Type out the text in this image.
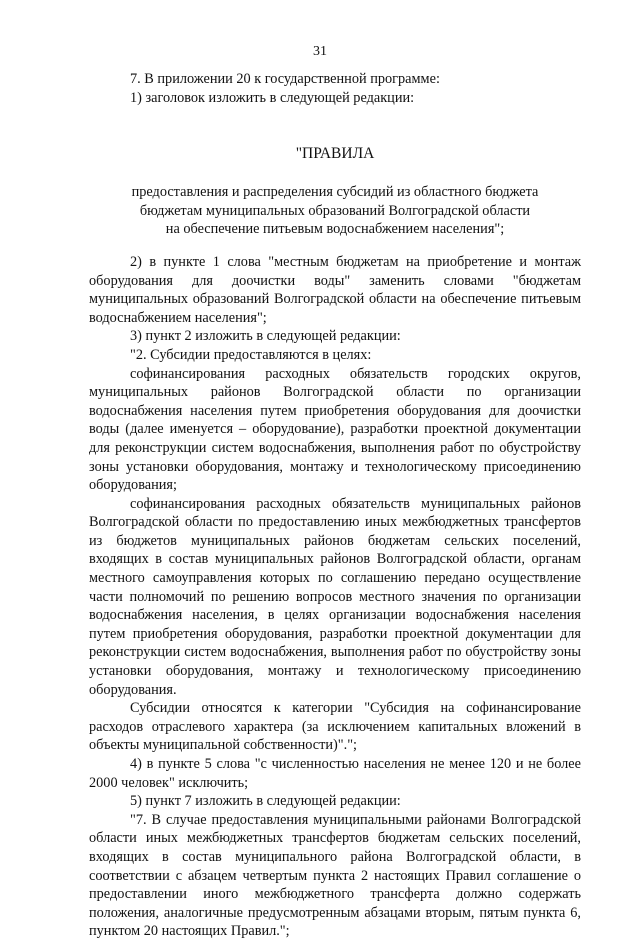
31

7. В приложении 20 к государственной программе:

1) заголовок изложить в следующей редакции:

"ПРАВИЛА

предоставления и распределения субсидий из областного бюджета
бюджетам муниципальных образований Волгоградской области
на обеспечение питьевым водоснабжением населения";

2) в пункте 1 слова "местным бюджетам на приобретение и монтаж оборудования для доочистки воды" заменить словами "бюджетам муниципальных образований Волгоградской области на обеспечение питьевым водоснабжением населения";

3) пункт 2 изложить в следующей редакции:

"2. Субсидии предоставляются в целях:

софинансирования расходных обязательств городских округов, муниципальных районов Волгоградской области по организации водоснабжения населения путем приобретения оборудования для доочистки воды (далее именуется – оборудование), разработки проектной документации для реконструкции систем водоснабжения, выполнения работ по обустройству зоны установки оборудования, монтажу и технологическому присоединению оборудования;

софинансирования расходных обязательств муниципальных районов Волгоградской области по предоставлению иных межбюджетных трансфертов из бюджетов муниципальных районов бюджетам сельских поселений, входящих в состав муниципальных районов Волгоградской области, органам местного самоуправления которых по соглашению передано осуществление части полномочий по решению вопросов местного значения по организации водоснабжения населения, в целях организации водоснабжения населения путем приобретения оборудования, разработки проектной документации для реконструкции систем водоснабжения, выполнения работ по обустройству зоны установки оборудования, монтажу и технологическому присоединению оборудования.

Субсидии относятся к категории "Субсидия на софинансирование расходов отраслевого характера (за исключением капитальных вложений в объекты муниципальной собственности)".";

4) в пункте 5 слова "с численностью населения не менее 120 и не более 2000 человек" исключить;

5) пункт 7 изложить в следующей редакции:

"7. В случае предоставления муниципальными районами Волгоградской области иных межбюджетных трансфертов бюджетам сельских поселений, входящих в состав муниципального района Волгоградской области, в соответствии с абзацем четвертым пункта 2 настоящих Правил соглашение о предоставлении иного межбюджетного трансферта должно содержать положения, аналогичные предусмотренным абзацами вторым, пятым пункта 6, пунктом 20 настоящих Правил.";
